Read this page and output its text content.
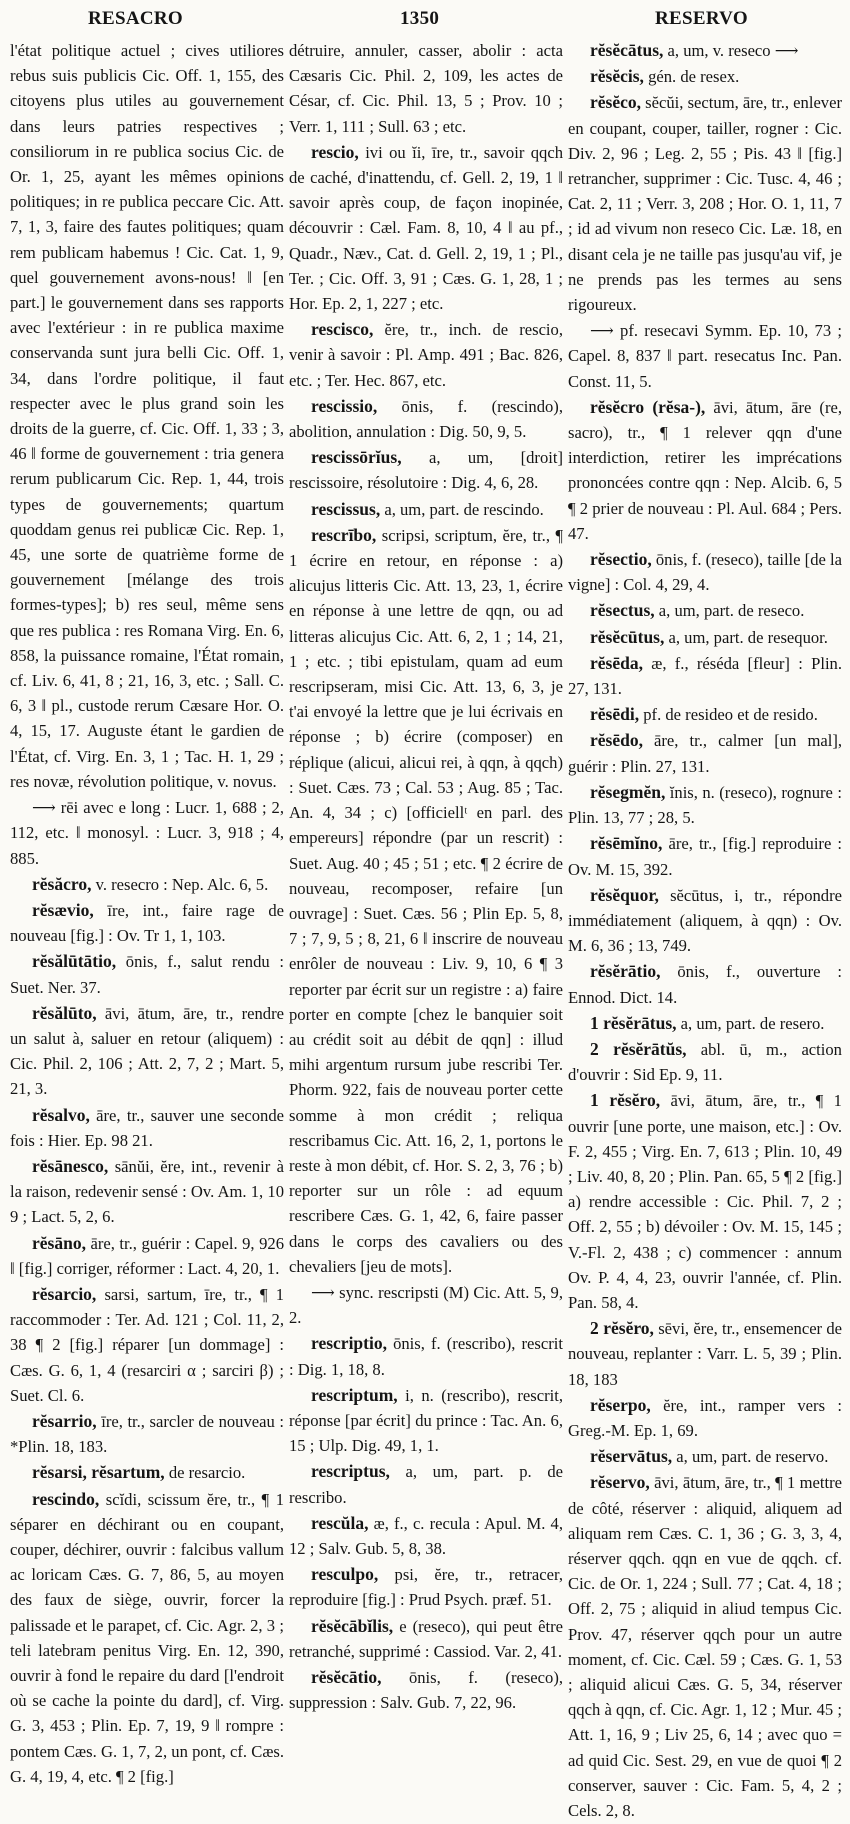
RESACRO	1350	RESERVO

l'état politique actuel ; cives utiliores rebus suis publicis Cic. Off. 1, 155, des citoyens plus utiles au gouvernement dans leurs patries respectives ; consiliorum in re publica socius Cic. de Or. 1, 25, ayant les mêmes opinions politiques; in re publica peccare Cic. Att. 7, 1, 3, faire des fautes politiques; quam rem publicam habemus ! Cic. Cat. 1, 9, quel gouvernement avons-nous! ‖ [en part.] le gouvernement dans ses rapports avec l'extérieur : in re publica maxime conservanda sunt jura belli Cic. Off. 1, 34, dans l'ordre politique, il faut respecter avec le plus grand soin les droits de la guerre, cf. Cic. Off. 1, 33 ; 3, 46 ‖ forme de gouvernement : tria genera rerum publicarum Cic. Rep. 1, 44, trois types de gouvernements; quartum quoddam genus rei publicæ Cic. Rep. 1, 45, une sorte de quatrième forme de gouvernement [mélange des trois formes-types]; b) res seul, même sens que res publica : res Romana Virg. En. 6, 858, la puissance romaine, l'État romain, cf. Liv. 6, 41, 8 ; 21, 16, 3, etc. ; Sall. C. 6, 3 ‖ pl., custode rerum Cæsare Hor. O. 4, 15, 17. Auguste étant le gardien de l'État, cf. Virg. En. 3, 1 ; Tac. H. 1, 29 ; res novæ, révolution politique, v. novus.

⟶ rēi avec e long : Lucr. 1, 688 ; 2, 112, etc. ‖ monosyl. : Lucr. 3, 918 ; 4, 885.

rĕsăcro, v. resecro : Nep. Alc. 6, 5.

rĕsævio, īre, int., faire rage de nouveau [fig.] : Ov. Tr 1, 1, 103.

rĕsălūtātio, ōnis, f., salut rendu : Suet. Ner. 37.

rĕsălūto, āvi, ātum, āre, tr., rendre un salut à, saluer en retour (aliquem) : Cic. Phil. 2, 106 ; Att. 2, 7, 2 ; Mart. 5, 21, 3.

rĕsalvo, āre, tr., sauver une seconde fois : Hier. Ep. 98 21.

rĕsānesco, sānŭi, ĕre, int., revenir à la raison, redevenir sensé : Ov. Am. 1, 10 9 ; Lact. 5, 2, 6.

rĕsāno, āre, tr., guérir : Capel. 9, 926 ‖ [fig.] corriger, réformer : Lact. 4, 20, 1.

rĕsarcio, sarsi, sartum, īre, tr., ¶ 1 raccommoder : Ter. Ad. 121 ; Col. 11, 2, 38 ¶ 2 [fig.] réparer [un dommage] : Cæs. G. 6, 1, 4 (resarciri α ; sarciri β) ; Suet. Cl. 6.

rĕsarrio, īre, tr., sarcler de nouveau : *Plin. 18, 183.

rĕsarsi, rĕsartum, de resarcio.

rescindo, scĭdi, scissum ĕre, tr., ¶ 1 séparer en déchirant ou en coupant, couper, déchirer, ouvrir : falcibus vallum ac loricam Cæs. G. 7, 86, 5, au moyen des faux de siège, ouvrir, forcer la palissade et le parapet, cf. Cic. Agr. 2, 3 ; teli latebram penitus Virg. En. 12, 390, ouvrir à fond le repaire du dard [l'endroit où se cache la pointe du dard], cf. Virg. G. 3, 453 ; Plin. Ep. 7, 19, 9 ‖ rompre : pontem Cæs. G. 1, 7, 2, un pont, cf. Cæs. G. 4, 19, 4, etc. ¶ 2 [fig.]

détruire, annuler, casser, abolir : acta Cæsaris Cic. Phil. 2, 109, les actes de César, cf. Cic. Phil. 13, 5 ; Prov. 10 ; Verr. 1, 111 ; Sull. 63 ; etc.

rescio, ivi ou ĭi, īre, tr., savoir qqch de caché, d'inattendu, cf. Gell. 2, 19, 1 ‖ savoir après coup, de façon inopinée, découvrir : Cæl. Fam. 8, 10, 4 ‖ au pf., Quadr., Næv., Cat. d. Gell. 2, 19, 1 ; Pl., Ter. ; Cic. Off. 3, 91 ; Cæs. G. 1, 28, 1 ; Hor. Ep. 2, 1, 227 ; etc.

rescisco, ĕre, tr., inch. de rescio, venir à savoir : Pl. Amp. 491 ; Bac. 826, etc. ; Ter. Hec. 867, etc.

rescissio, ōnis, f. (rescindo), abolition, annulation : Dig. 50, 9, 5.

rescissōrĭus, a, um, [droit] rescissoire, résolutoire : Dig. 4, 6, 28.

rescissus, a, um, part. de rescindo.

rescrībo, scripsi, scriptum, ĕre, tr., ¶ 1 écrire en retour, en réponse : a) alicujus litteris Cic. Att. 13, 23, 1, écrire en réponse à une lettre de qqn, ou ad litteras alicujus Cic. Att. 6, 2, 1 ; 14, 21, 1 ; etc. ; tibi epistulam, quam ad eum rescripseram, misi Cic. Att. 13, 6, 3, je t'ai envoyé la lettre que je lui écrivais en réponse ; b) écrire (composer) en réplique (alicui, alicui rei, à qqn, à qqch) : Suet. Cæs. 73 ; Cal. 53 ; Aug. 85 ; Tac. An. 4, 34 ; c) [officiellᵗ en parl. des empereurs] répondre (par un rescrit) : Suet. Aug. 40 ; 45 ; 51 ; etc. ¶ 2 écrire de nouveau, recomposer, refaire [un ouvrage] : Suet. Cæs. 56 ; Plin Ep. 5, 8, 7 ; 7, 9, 5 ; 8, 21, 6 ‖ inscrire de nouveau enrôler de nouveau : Liv. 9, 10, 6 ¶ 3 reporter par écrit sur un registre : a) faire porter en compte [chez le banquier soit au crédit soit au débit de qqn] : illud mihi argentum rursum jube rescribi Ter. Phorm. 922, fais de nouveau porter cette somme à mon crédit ; reliqua rescribamus Cic. Att. 16, 2, 1, portons le reste à mon débit, cf. Hor. S. 2, 3, 76 ; b) reporter sur un rôle : ad equum rescribere Cæs. G. 1, 42, 6, faire passer dans le corps des cavaliers ou des chevaliers [jeu de mots].

⟶ sync. rescripsti (M) Cic. Att. 5, 9, 2.

rescriptio, ōnis, f. (rescribo), rescrit : Dig. 1, 18, 8.

rescriptum, i, n. (rescribo), rescrit, réponse [par écrit] du prince : Tac. An. 6, 15 ; Ulp. Dig. 49, 1, 1.

rescriptus, a, um, part. p. de rescribo.

rescŭla, æ, f., c. recula : Apul. M. 4, 12 ; Salv. Gub. 5, 8, 38.

resculpo, psi, ĕre, tr., retracer, reproduire [fig.] : Prud Psych. præf. 51.

rĕsĕcābĭlis, e (reseco), qui peut être retranché, supprimé : Cassiod. Var. 2, 41.

rĕsĕcātio, ōnis, f. (reseco), suppression : Salv. Gub. 7, 22, 96.

rĕsĕcātus, a, um, v. reseco ⟶

rĕsĕcis, gén. de resex.

rĕsĕco, sĕcŭi, sectum, āre, tr., enlever en coupant, couper, tailler, rogner : Cic. Div. 2, 96 ; Leg. 2, 55 ; Pis. 43 ‖ [fig.] retrancher, supprimer : Cic. Tusc. 4, 46 ; Cat. 2, 11 ; Verr. 3, 208 ; Hor. O. 1, 11, 7 ; id ad vivum non reseco Cic. Læ. 18, en disant cela je ne taille pas jusqu'au vif, je ne prends pas les termes au sens rigoureux.

⟶ pf. resecavi Symm. Ep. 10, 73 ; Capel. 8, 837 ‖ part. resecatus Inc. Pan. Const. 11, 5.

rĕsĕcro (rĕsa-), āvi, ātum, āre (re, sacro), tr., ¶ 1 relever qqn d'une interdiction, retirer les imprécations prononcées contre qqn : Nep. Alcib. 6, 5 ¶ 2 prier de nouveau : Pl. Aul. 684 ; Pers. 47.

rĕsectio, ōnis, f. (reseco), taille [de la vigne] : Col. 4, 29, 4.

rĕsectus, a, um, part. de reseco.

rĕsĕcūtus, a, um, part. de resequor.

rĕsēda, æ, f., réséda [fleur] : Plin. 27, 131.

rĕsēdi, pf. de resideo et de resido.

rĕsēdo, āre, tr., calmer [un mal], guérir : Plin. 27, 131.

rĕsegmĕn, ĭnis, n. (reseco), rognure : Plin. 13, 77 ; 28, 5.

rĕsēmĭno, āre, tr., [fig.] reproduire : Ov. M. 15, 392.

rĕsĕquor, sĕcūtus, i, tr., répondre immédiatement (aliquem, à qqn) : Ov. M. 6, 36 ; 13, 749.

rĕsĕrātio, ōnis, f., ouverture : Ennod. Dict. 14.

1 rĕsĕrātus, a, um, part. de resero.

2 rĕsĕrātŭs, abl. ū, m., action d'ouvrir : Sid Ep. 9, 11.

1 rĕsĕro, āvi, ātum, āre, tr., ¶ 1 ouvrir [une porte, une maison, etc.] : Ov. F. 2, 455 ; Virg. En. 7, 613 ; Plin. 10, 49 ; Liv. 40, 8, 20 ; Plin. Pan. 65, 5 ¶ 2 [fig.] a) rendre accessible : Cic. Phil. 7, 2 ; Off. 2, 55 ; b) dévoiler : Ov. M. 15, 145 ; V.-Fl. 2, 438 ; c) commencer : annum Ov. P. 4, 4, 23, ouvrir l'année, cf. Plin. Pan. 58, 4.

2 rĕsĕro, sēvi, ĕre, tr., ensemencer de nouveau, replanter : Varr. L. 5, 39 ; Plin. 18, 183

rĕserpo, ĕre, int., ramper vers : Greg.-M. Ep. 1, 69.

rĕservātus, a, um, part. de reservo.

rĕservo, āvi, ātum, āre, tr., ¶ 1 mettre de côté, réserver : aliquid, aliquem ad aliquam rem Cæs. C. 1, 36 ; G. 3, 3, 4, réserver qqch. qqn en vue de qqch. cf. Cic. de Or. 1, 224 ; Sull. 77 ; Cat. 4, 18 ; Off. 2, 75 ; aliquid in aliud tempus Cic. Prov. 47, réserver qqch pour un autre moment, cf. Cic. Cæl. 59 ; Cæs. G. 1, 53 ; aliquid alicui Cæs. G. 5, 34, réserver qqch à qqn, cf. Cic. Agr. 1, 12 ; Mur. 45 ; Att. 1, 16, 9 ; Liv 25, 6, 14 ; avec quo = ad quid Cic. Sest. 29, en vue de quoi ¶ 2 conserver, sauver : Cic. Fam. 5, 4, 2 ; Cels. 2, 8.
